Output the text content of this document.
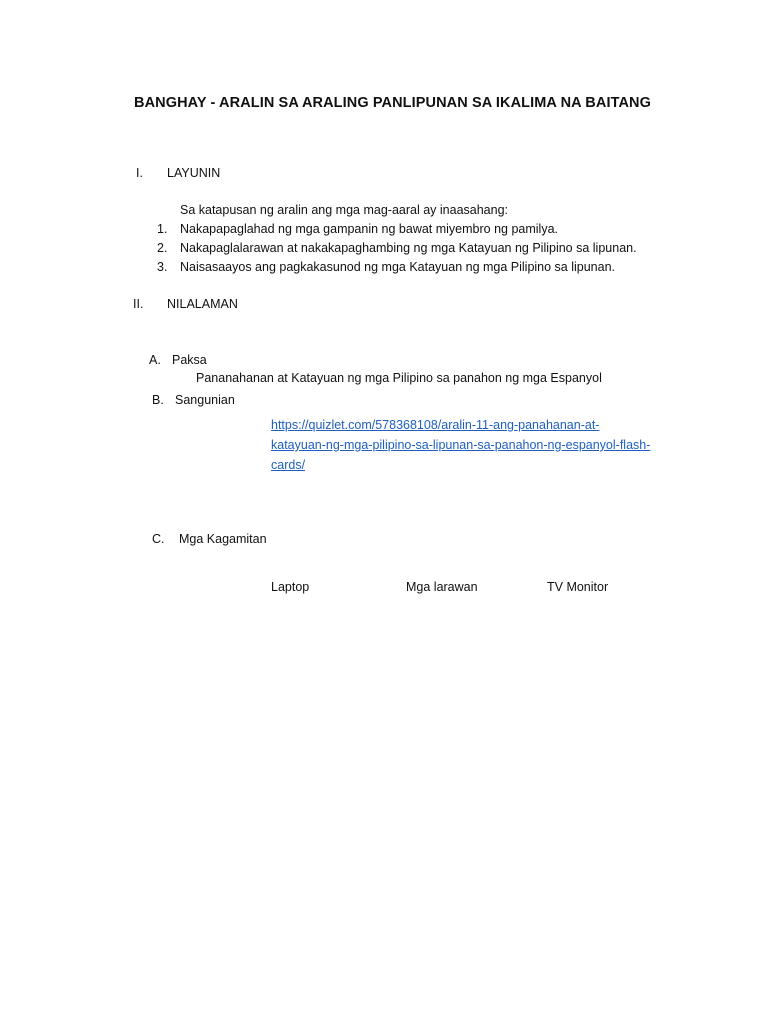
BANGHAY - ARALIN SA ARALING PANLIPUNAN SA IKALIMA NA BAITANG
I. LAYUNIN
Sa katapusan ng aralin ang mga mag-aaral ay inaasahang:
1. Nakapapaglahad ng mga gampanin ng bawat miyembro ng pamilya.
2. Nakapaglalarawan at nakakapaghambing ng mga Katayuan ng Pilipino sa lipunan.
3. Naisasaayos ang pagkakasunod ng mga Katayuan ng mga Pilipino sa lipunan.
II. NILALAMAN
A. Paksa
Pananahanan at Katayuan ng mga Pilipino sa panahon ng mga Espanyol
B. Sangunian
https://quizlet.com/578368108/aralin-11-ang-panahanan-at-
katayuan-ng-mga-pilipino-sa-lipunan-sa-panahon-ng-espanyol-flash-
cards/
C. Mga Kagamitan
Laptop	Mga larawan	TV Monitor
